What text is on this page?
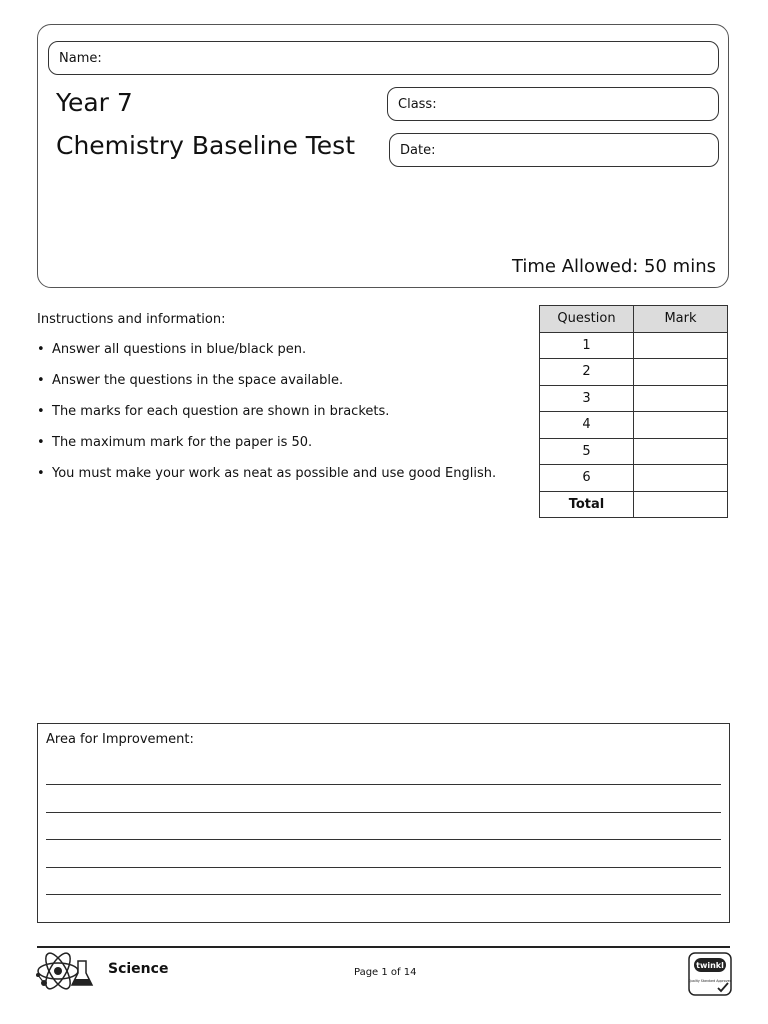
Name:
Class:
Date:
Year 7
Chemistry Baseline Test
Time Allowed: 50 mins
Instructions and information:
• Answer all questions in blue/black pen.
• Answer the questions in the space available.
• The marks for each question are shown in brackets.
• The maximum mark for the paper is 50.
• You must make your work as neat as possible and use good English.
Question	Mark
1	
2	
3	
4	
5	
6	
Total	
Area for Improvement:
Science	Page 1 of 14
twinkl
Quality Standard Approved
